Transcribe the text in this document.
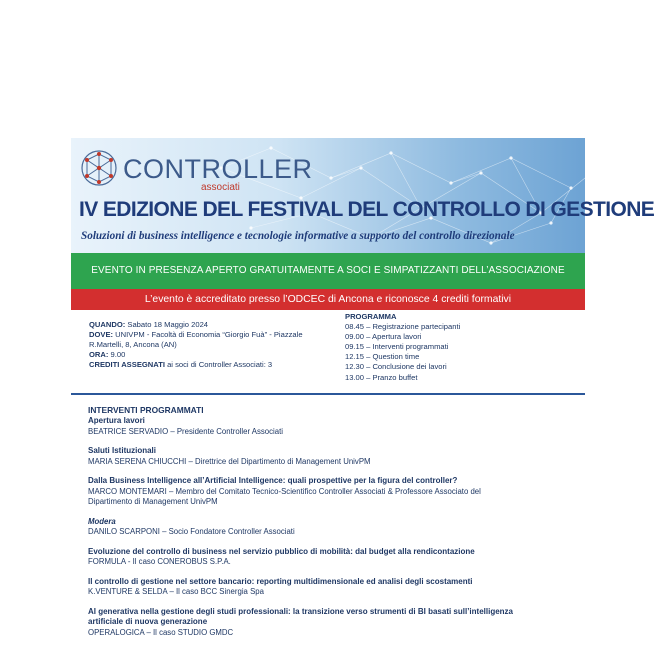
CONTROLLER
associati
IV EDIZIONE DEL FESTIVAL DEL CONTROLLO DI GESTIONE
Soluzioni di business intelligence e tecnologie informative a supporto del controllo direzionale
EVENTO IN PRESENZA APERTO GRATUITAMENTE A SOCI E SIMPATIZZANTI DELL’ASSOCIAZIONE
L’evento è accreditato presso l’ODCEC di Ancona e riconosce 4 crediti formativi
QUANDO: Sabato 18 Maggio 2024
DOVE: UNIVPM - Facoltà di Economia “Giorgio Fuà” - Piazzale
R.Martelli, 8, Ancona (AN)
ORA: 9.00
CREDITI ASSEGNATI ai soci di Controller Associati: 3
PROGRAMMA
08.45 – Registrazione partecipanti
09.00 – Apertura lavori
09.15 – Interventi programmati
12.15 – Question time
12.30 – Conclusione dei lavori
13.00 – Pranzo buffet
INTERVENTI PROGRAMMATI
Apertura lavori
BEATRICE SERVADIO – Presidente Controller Associati
Saluti Istituzionali
MARIA SERENA CHIUCCHI – Direttrice del Dipartimento di Management UnivPM
Dalla Business Intelligence all’Artificial Intelligence: quali prospettive per la figura del controller?
MARCO MONTEMARI – Membro del Comitato Tecnico-Scientifico Controller Associati & Professore Associato del
Dipartimento di Management UnivPM
Modera
DANILO SCARPONI – Socio Fondatore Controller Associati
Evoluzione del controllo di business nel servizio pubblico di mobilità: dal budget alla rendicontazione
FORMULA - Il caso CONEROBUS S.P.A.
Il controllo di gestione nel settore bancario: reporting multidimensionale ed analisi degli scostamenti
K.VENTURE & SELDA – Il caso BCC Sinergia Spa
AI generativa nella gestione degli studi professionali: la transizione verso strumenti di BI basati sull’intelligenza
artificiale di nuova generazione
OPERALOGICA – Il caso STUDIO GMDC
